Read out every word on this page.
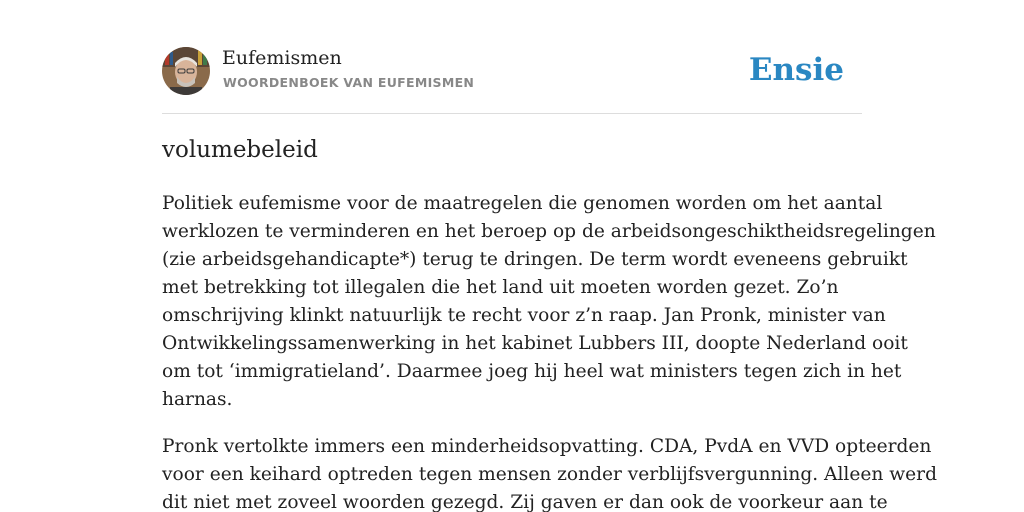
Eufemismen
WOORDENBOEK VAN EUFEMISMEN	Ensie
volumebeleid

Politiek eufemisme voor de maatregelen die genomen worden om het aantal
werklozen te verminderen en het beroep op de arbeidsongeschiktheidsregelingen
(zie arbeidsgehandicapte*) terug te dringen. De term wordt eveneens gebruikt
met betrekking tot illegalen die het land uit moeten worden gezet. Zo’n
omschrijving klinkt natuurlijk te recht voor z’n raap. Jan Pronk, minister van
Ontwikkelingssamenwerking in het kabinet Lubbers III, doopte Nederland ooit
om tot ‘immigratieland’. Daarmee joeg hij heel wat ministers tegen zich in het
harnas.

Pronk vertolkte immers een minderheidsopvatting. CDA, PvdA en VVD opteerden
voor een keihard optreden tegen mensen zonder verblijfsvergunning. Alleen werd
dit niet met zoveel woorden gezegd. Zij gaven er dan ook de voorkeur aan te
